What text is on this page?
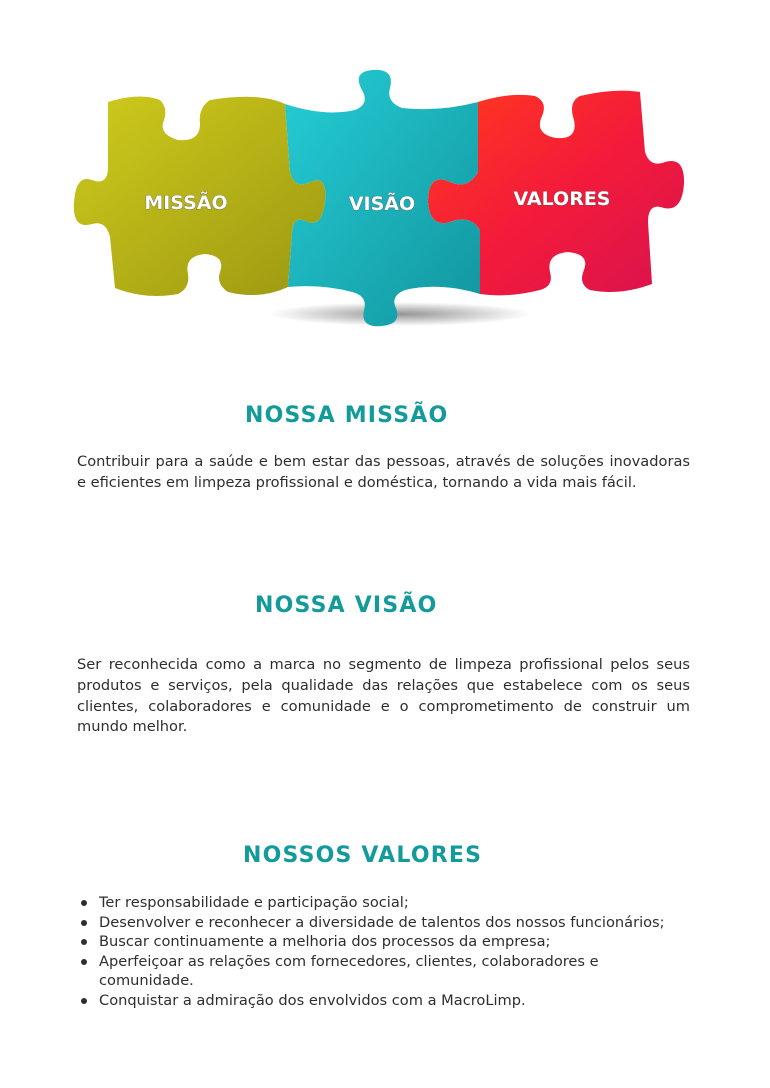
MISSÃO	VISÃO	VALORES
NOSSA MISSÃO

Contribuir para a saúde e bem estar das pessoas, através de soluções inovadoras e eficientes em limpeza profissional e doméstica, tornando a vida mais fácil.

NOSSA VISÃO

Ser reconhecida como a marca no segmento de limpeza profissional pelos seus produtos e serviços, pela qualidade das relações que estabelece com os seus clientes, colaboradores e comunidade e o comprometimento de construir um mundo melhor.

NOSSOS VALORES
Ter responsabilidade e participação social;
Desenvolver e reconhecer a diversidade de talentos dos nossos funcionários;
Buscar continuamente a melhoria dos processos da empresa;
Aperfeiçoar as relações com fornecedores, clientes, colaboradores e comunidade.
Conquistar a admiração dos envolvidos com a MacroLimp.
